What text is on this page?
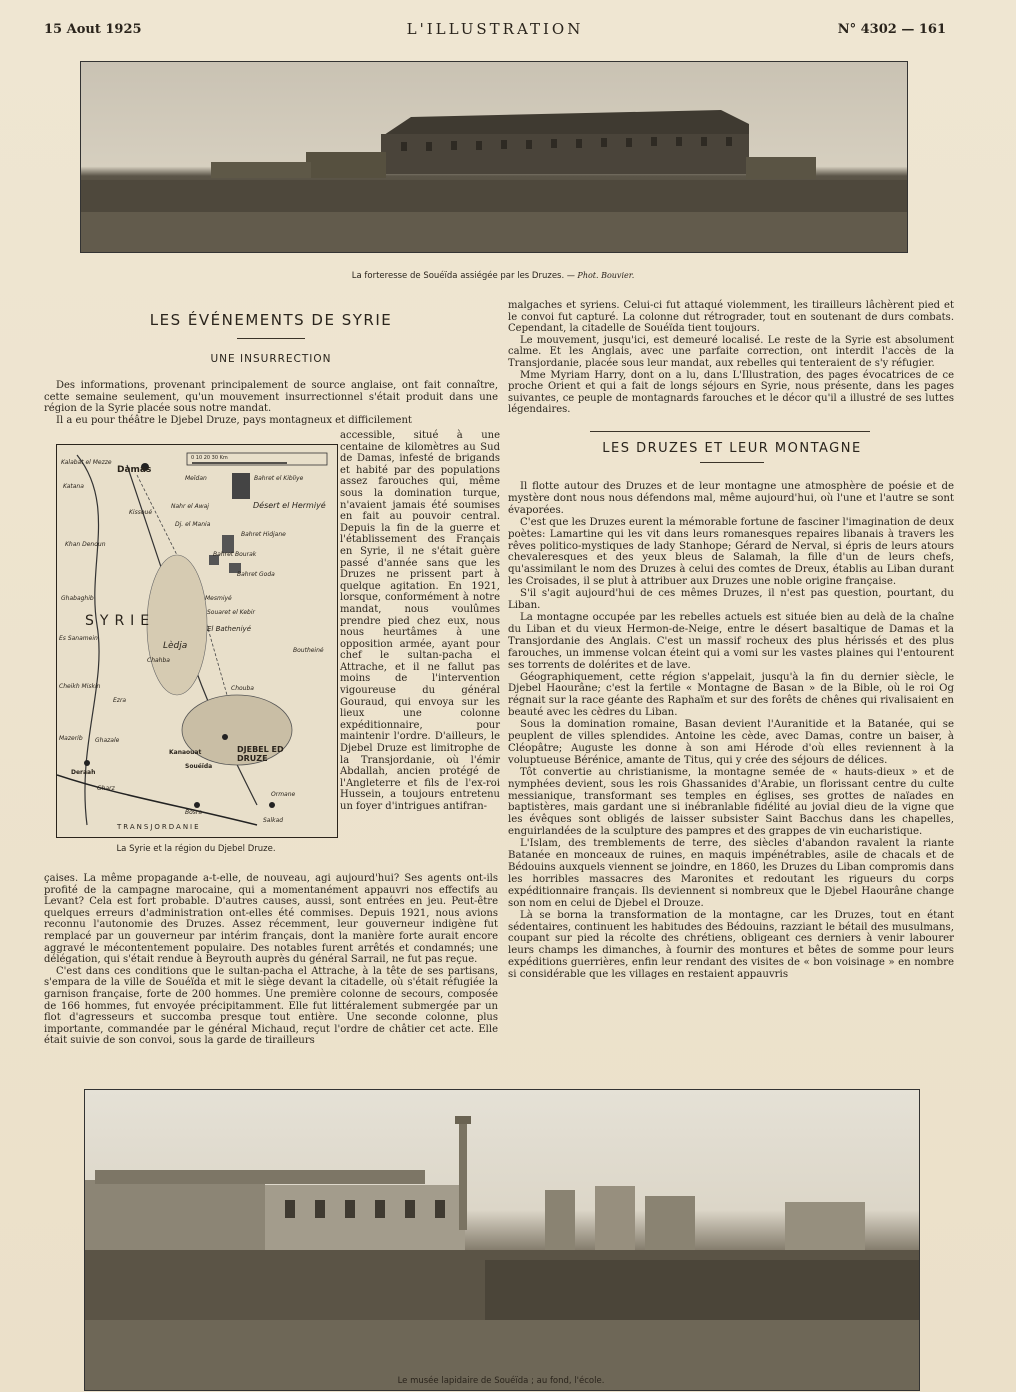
15 Aout 1925	L'ILLUSTRATION	N° 4302 — 161
La forteresse de Souéïda assiégée par les Druzes. — Phot. Bouvier.
LES ÉVÉNEMENTS DE SYRIE
UNE INSURRECTION

Des informations, provenant principalement de source anglaise, ont fait connaître, cette semaine seulement, qu'un mouvement insurrectionnel s'était produit dans une région de la Syrie placée sous notre mandat.

Il a eu pour théâtre le Djebel Druze, pays montagneux et difficilement

accessible, situé à une centaine de kilomètres au Sud de Damas, infesté de brigands et habité par des populations assez farouches qui, même sous la domination turque, n'avaient jamais été soumises en fait au pouvoir central. Depuis la fin de la guerre et l'établissement des Français en Syrie, il ne s'était guère passé d'année sans que les Druzes ne prissent part à quelque agitation. En 1921, lorsque, conformément à notre mandat, nous voulûmes prendre pied chez eux, nous nous heurtâmes à une opposition armée, ayant pour chef le sultan-pacha el Attrache, et il ne fallut pas moins de l'intervention vigoureuse du général Gouraud, qui envoya sur les lieux une colonne expéditionnaire, pour maintenir l'ordre. D'ailleurs, le Djebel Druze est limitrophe de la Transjordanie, où l'émir Abdallah, ancien protégé de l'Angleterre et fils de l'ex-roi Hussein, a toujours entretenu un foyer d'intrigues antifran-

Kalabat el Mezze
Damas
Katana
Meïdan	Bahret el Kibliye
Nahr el Awaj
Kissoué
Dj. el Mania
Bahret Hidjane
Bahret Bourak
Bahret Goda
Khan Denoun
Ghabaghib	Mesmiyé
Souaret el Kebir
Es Sanamein
Chahba
Boutheiné
Cheikh Miskin	Chouba
Ezra
Mazerib Ghazale
Kanaouat
Souéïda
Deraah
Bosra
Salkad
Ormane
Gharz
DJEBEL ED DRUZE
SYRIE
TRANSJORDANIE
Lèdja
Désert el Hermiyé
El Batheniyé
0 10 20 30 Km
La Syrie et la région du Djebel Druze.

çaises. La même propagande a-t-elle, de nouveau, agi aujourd'hui? Ses agents ont-ils profité de la campagne marocaine, qui a momentanément appauvri nos effectifs au Levant? Cela est fort probable. D'autres causes, aussi, sont entrées en jeu. Peut-être quelques erreurs d'administration ont-elles été commises. Depuis 1921, nous avions reconnu l'autonomie des Druzes. Assez récemment, leur gouverneur indigène fut remplacé par un gouverneur par intérim français, dont la manière forte aurait encore aggravé le mécontentement populaire. Des notables furent arrêtés et condamnés; une délégation, qui s'était rendue à Beyrouth auprès du général Sarrail, ne fut pas reçue.

C'est dans ces conditions que le sultan-pacha el Attrache, à la tête de ses partisans, s'empara de la ville de Souéïda et mit le siège devant la citadelle, où s'était réfugiée la garnison française, forte de 200 hommes. Une première colonne de secours, composée de 166 hommes, fut envoyée précipitamment. Elle fut littéralement submergée par un flot d'agresseurs et succomba presque tout entière. Une seconde colonne, plus importante, commandée par le général Michaud, reçut l'ordre de châtier cet acte. Elle était suivie de son convoi, sous la garde de tirailleurs

malgaches et syriens. Celui-ci fut attaqué violemment, les tirailleurs lâchèrent pied et le convoi fut capturé. La colonne dut rétrograder, tout en soutenant de durs combats. Cependant, la citadelle de Souéïda tient toujours.

Le mouvement, jusqu'ici, est demeuré localisé. Le reste de la Syrie est absolument calme. Et les Anglais, avec une parfaite correction, ont interdit l'accès de la Transjordanie, placée sous leur mandat, aux rebelles qui tenteraient de s'y réfugier.

Mme Myriam Harry, dont on a lu, dans L'Illustration, des pages évocatrices de ce proche Orient et qui a fait de longs séjours en Syrie, nous présente, dans les pages suivantes, ce peuple de montagnards farouches et le décor qu'il a illustré de ses luttes légendaires.

LES DRUZES ET LEUR MONTAGNE

Il flotte autour des Druzes et de leur montagne une atmosphère de poésie et de mystère dont nous nous défendons mal, même aujourd'hui, où l'une et l'autre se sont évaporées.

C'est que les Druzes eurent la mémorable fortune de fasciner l'imagination de deux poètes: Lamartine qui les vit dans leurs romanesques repaires libanais à travers les rêves politico-mystiques de lady Stanhope; Gérard de Nerval, si épris de leurs atours chevaleresques et des yeux bleus de Salamah, la fille d'un de leurs chefs, qu'assimilant le nom des Druzes à celui des comtes de Dreux, établis au Liban durant les Croisades, il se plut à attribuer aux Druzes une noble origine française.

S'il s'agit aujourd'hui de ces mêmes Druzes, il n'est pas question, pourtant, du Liban.

La montagne occupée par les rebelles actuels est située bien au delà de la chaîne du Liban et du vieux Hermon-de-Neige, entre le désert basaltique de Damas et la Transjordanie des Anglais. C'est un massif rocheux des plus hérissés et des plus farouches, un immense volcan éteint qui a vomi sur les vastes plaines qui l'entourent ses torrents de dolérites et de lave.

Géographiquement, cette région s'appelait, jusqu'à la fin du dernier siècle, le Djebel Haourâne; c'est la fertile « Montagne de Basan » de la Bible, où le roi Og régnait sur la race géante des Raphaïm et sur des forêts de chênes qui rivalisaient en beauté avec les cèdres du Liban.

Sous la domination romaine, Basan devient l'Auranitide et la Batanée, qui se peuplent de villes splendides. Antoine les cède, avec Damas, contre un baiser, à Cléopâtre; Auguste les donne à son ami Hérode d'où elles reviennent à la voluptueuse Bérénice, amante de Titus, qui y crée des séjours de délices.

Tôt convertie au christianisme, la montagne semée de « hauts-dieux » et de nymphées devient, sous les rois Ghassanides d'Arabie, un florissant centre du culte messianique, transformant ses temples en églises, ses grottes de naïades en baptistères, mais gardant une si inébranlable fidélité au jovial dieu de la vigne que les évêques sont obligés de laisser subsister Saint Bacchus dans les chapelles, enguirlandées de la sculpture des pampres et des grappes de vin eucharistique.

L'Islam, des tremblements de terre, des siècles d'abandon ravalent la riante Batanée en monceaux de ruines, en maquis impénétrables, asile de chacals et de Bédouins auxquels viennent se joindre, en 1860, les Druzes du Liban compromis dans les horribles massacres des Maronites et redoutant les rigueurs du corps expéditionnaire français. Ils deviennent si nombreux que le Djebel Haourâne change son nom en celui de Djebel el Drouze.

Là se borna la transformation de la montagne, car les Druzes, tout en étant sédentaires, continuent les habitudes des Bédouins, razziant le bétail des musulmans, coupant sur pied la récolte des chrétiens, obligeant ces derniers à venir labourer leurs champs les dimanches, à fournir des montures et bêtes de somme pour leurs expéditions guerrières, enfin leur rendant des visites de « bon voisinage » en nombre si considérable que les villages en restaient appauvris

Le musée lapidaire de Souéïda ; au fond, l'école.
